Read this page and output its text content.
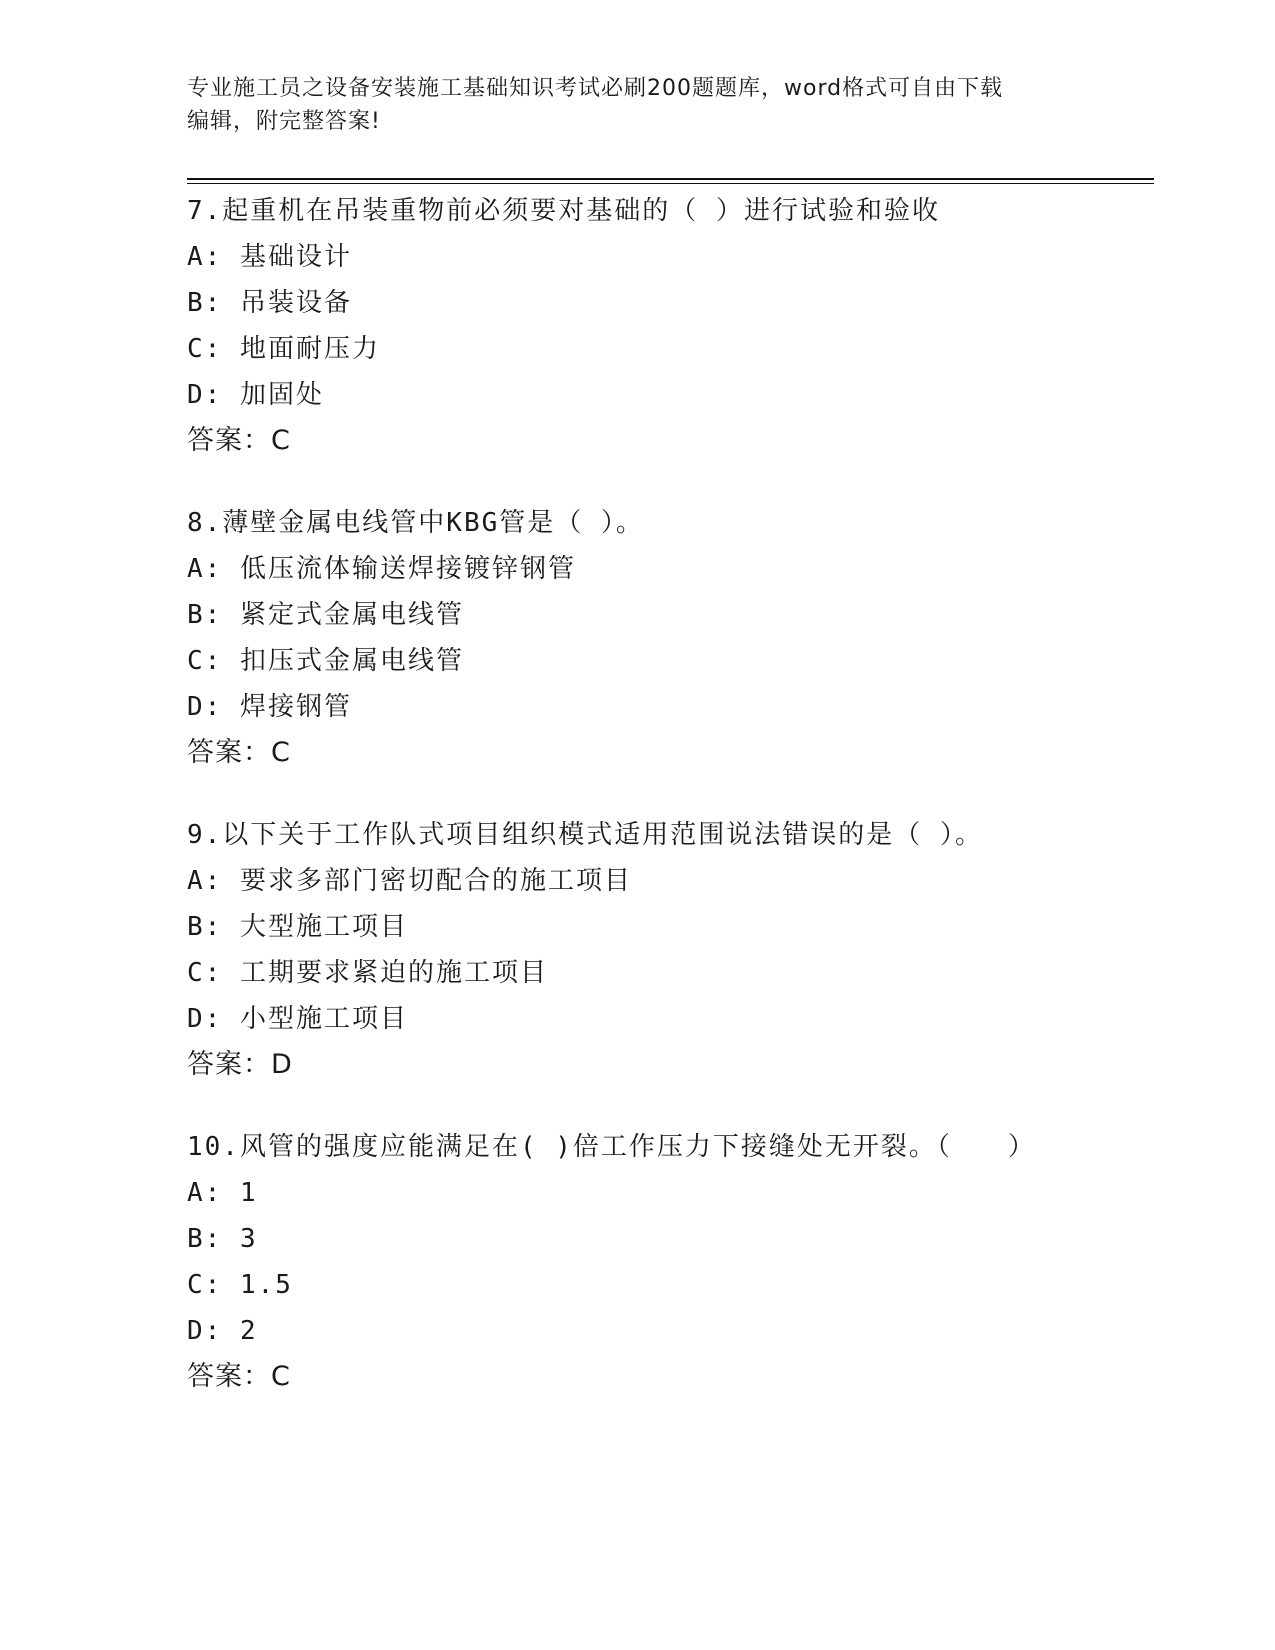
专业施工员之设备安装施工基础知识考试必刷200题题库，word格式可自由下载
编辑，附完整答案!
7.起重机在吊装重物前必须要对基础的（ ）进行试验和验收
A: 基础设计
B: 吊装设备
C: 地面耐压力
D: 加固处
答案：C
8.薄壁金属电线管中KBG管是（ ）。
A: 低压流体输送焊接镀锌钢管
B: 紧定式金属电线管
C: 扣压式金属电线管
D: 焊接钢管
答案：C
9.以下关于工作队式项目组织模式适用范围说法错误的是（ ）。
A: 要求多部门密切配合的施工项目
B: 大型施工项目
C: 工期要求紧迫的施工项目
D: 小型施工项目
答案：D
10.风管的强度应能满足在( )倍工作压力下接缝处无开裂。（　　）
A: 1
B: 3
C: 1.5
D: 2
答案：C
